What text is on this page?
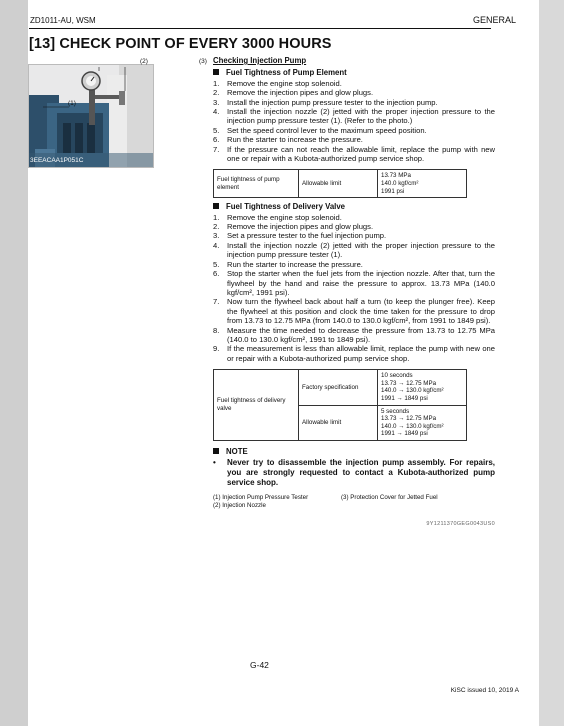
ZD1011-AU, WSM	GENERAL
[13] CHECK POINT OF EVERY 3000 HOURS
(2)	(3)
(1)
3EEACAA1P051C
Checking Injection Pump
Fuel Tightness of Pump Element
1.	Remove the engine stop solenoid.
2.	Remove the injection pipes and glow plugs.
3.	Install the injection pump pressure tester to the injection pump.
4.	Install the injection nozzle (2) jetted with the proper injection pressure to the injection pump pressure tester (1). (Refer to the photo.)
5.	Set the speed control lever to the maximum speed position.
6.	Run the starter to increase the pressure.
7.	If the pressure can not reach the allowable limit, replace the pump with new one or repair with a Kubota-authorized pump service shop.
Fuel tightness of pump element	Allowable limit	
13.73 MPa
140.0 kgf/cm²
1991 psi
Fuel Tightness of Delivery Valve
1.	Remove the engine stop solenoid.
2.	Remove the injection pipes and glow plugs.
3.	Set a pressure tester to the fuel injection pump.
4.	Install the injection nozzle (2) jetted with the proper injection pressure to the injection pump pressure tester (1).
5.	Run the starter to increase the pressure.
6.	Stop the starter when the fuel jets from the injection nozzle. After that, turn the flywheel by the hand and raise the pressure to approx. 13.73 MPa (140.0 kgf/cm², 1991 psi).
7.	Now turn the flywheel back about half a turn (to keep the plunger free). Keep the flywheel at this position and clock the time taken for the pressure to drop from 13.73 to 12.75 MPa (from 140.0 to 130.0 kgf/cm², from 1991 to 1849 psi).
8.	Measure the time needed to decrease the pressure from 13.73 to 12.75 MPa (140.0 to 130.0 kgf/cm², 1991 to 1849 psi).
9.	If the measurement is less than allowable limit, replace the pump with new one or repair with a Kubota-authorized pump service shop.
Fuel tightness of delivery valve	Factory specification	10 seconds
13.73 → 12.75 MPa
140.0 → 130.0 kgf/cm²
1991 → 1849 psi

	Allowable limit	5 seconds
13.73 → 12.75 MPa
140.0 → 130.0 kgf/cm²
1991 → 1849 psi
NOTE
•	Never try to disassemble the injection pump assembly. For repairs, you are strongly requested to contact a Kubota-authorized pump service shop.
(1) Injection Pump Pressure Tester
(2) Injection Nozzle
(3) Protection Cover for Jetted Fuel
9Y1211370GEG0043US0
G-42
KiSC issued 10, 2019 A
